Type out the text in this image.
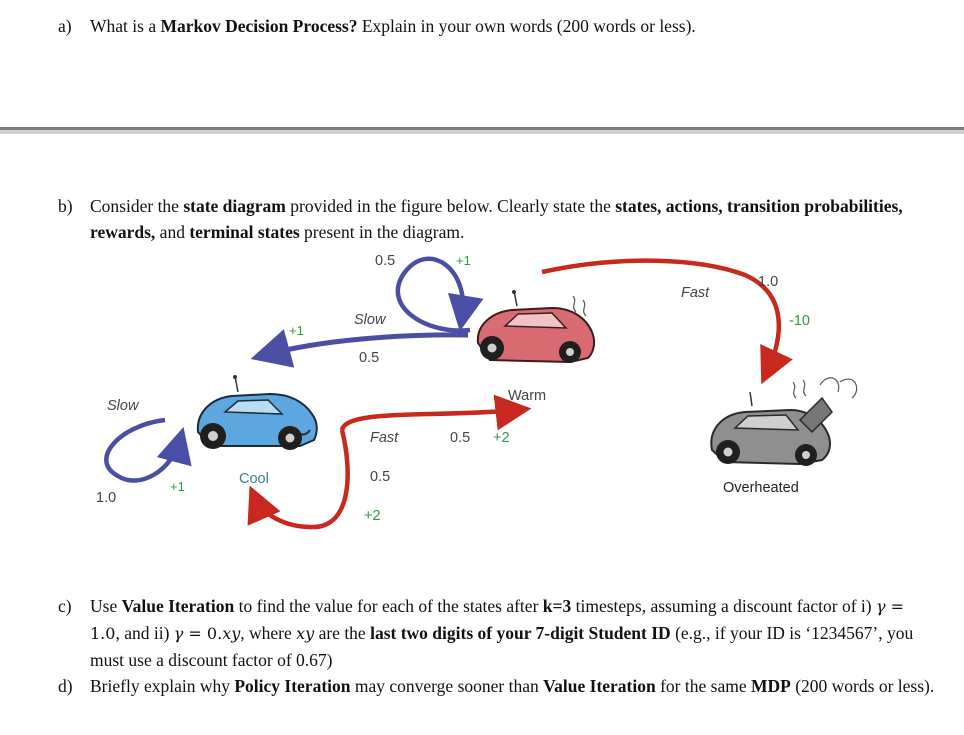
a) What is a Markov Decision Process? Explain in your own words (200 words or less).
b) Consider the state diagram provided in the figure below. Clearly state the states, actions, transition probabilities, rewards, and terminal states present in the diagram.
Slow
1.0
+1	Cool
0.5	+1
Slow
+1
0.5
Warm
Fast	0.5 +2
0.5
+2
Fast
1.0
-10
Overheated
c) Use Value Iteration to find the value for each of the states after k=3 timesteps, assuming a discount factor of i) γ = 1.0, and ii) γ = 0.xy, where xy are the last two digits of your 7-digit Student ID (e.g., if your ID is ‘1234567’, you must use a discount factor of 0.67)
d) Briefly explain why Policy Iteration may converge sooner than Value Iteration for the same MDP (200 words or less).
